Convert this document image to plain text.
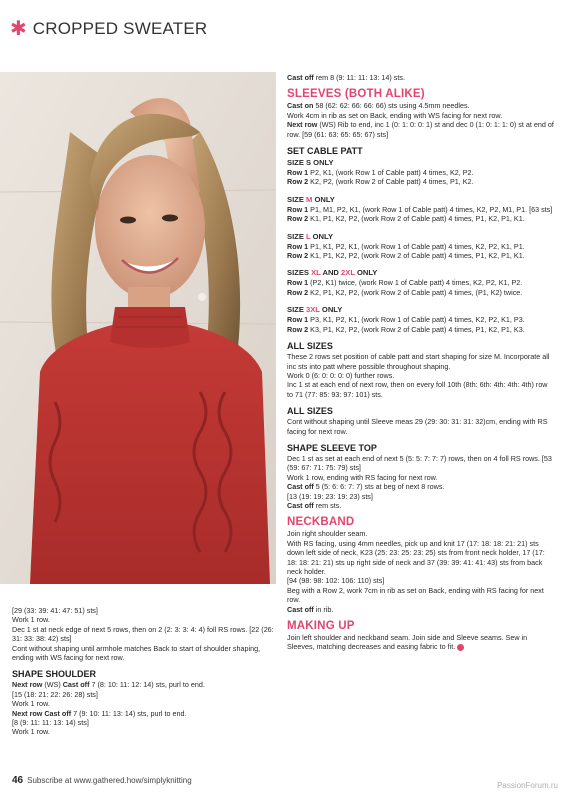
✱ CROPPED SWEATER

[29 (33: 39: 41: 47: 51) sts]

Work 1 row.

Dec 1 st at neck edge of next 5 rows, then on 2 (2: 3: 3: 4: 4) foll RS rows. [22 (26: 31: 33: 38: 42) sts]

Cont without shaping until armhole matches Back to start of shoulder shaping, ending with WS facing for next row.

SHAPE SHOULDER

Next row (WS) Cast off 7 (8: 10: 11: 12: 14) sts, purl to end.

[15 (18: 21: 22: 26: 28) sts]

Work 1 row.

Next row Cast off 7 (9: 10: 11: 13: 14) sts, purl to end.

[8 (9: 11: 11: 13: 14) sts]

Work 1 row.

Cast off rem 8 (9: 11: 11: 13: 14) sts.

SLEEVES (BOTH ALIKE)

Cast on 58 (62: 62: 66: 66: 66) sts using 4.5mm needles.

Work 4cm in rib as set on Back, ending with WS facing for next row.

Next row (WS) Rib to end, inc 1 (0: 1: 0: 0: 1) st and dec 0 (1: 0: 1: 1: 0) st at end of row. [59 (61: 63: 65: 65: 67) sts]

SET CABLE PATT

SIZE S ONLY

Row 1 P2, K1, (work Row 1 of Cable patt) 4 times, K2, P2.

Row 2 K2, P2, (work Row 2 of Cable patt) 4 times, P1, K2.

SIZE M ONLY

Row 1 P1, M1, P2, K1, (work Row 1 of Cable patt) 4 times, K2, P2, M1, P1. [63 sts]

Row 2 K1, P1, K2, P2, (work Row 2 of Cable patt) 4 times, P1, K2, P1, K1.

SIZE L ONLY

Row 1 P1, K1, P2, K1, (work Row 1 of Cable patt) 4 times, K2, P2, K1, P1.

Row 2 K1, P1, K2, P2, (work Row 2 of Cable patt) 4 times, P1, K2, P1, K1.

SIZES XL AND 2XL ONLY

Row 1 (P2, K1) twice, (work Row 1 of Cable patt) 4 times, K2, P2, K1, P2.

Row 2 K2, P1, K2, P2, (work Row 2 of Cable patt) 4 times, (P1, K2) twice.

SIZE 3XL ONLY

Row 1 P3, K1, P2, K1, (work Row 1 of Cable patt) 4 times, K2, P2, K1, P3.

Row 2 K3, P1, K2, P2, (work Row 2 of Cable patt) 4 times, P1, K2, P1, K3.

ALL SIZES

These 2 rows set position of cable patt and start shaping for size M. Incorporate all inc sts into patt where possible throughout shaping.

Work 0 (6: 0: 0: 0: 0) further rows.

Inc 1 st at each end of next row, then on every foll 10th (8th: 6th: 4th: 4th: 4th) row to 71 (77: 85: 93: 97: 101) sts.

ALL SIZES

Cont without shaping until Sleeve meas 29 (29: 30: 31: 31: 32)cm, ending with RS facing for next row.

SHAPE SLEEVE TOP

Dec 1 st as set at each end of next 5 (5: 5: 7: 7: 7) rows, then on 4 foll RS rows. [53 (59: 67: 71: 75: 79) sts]

Work 1 row, ending with RS facing for next row.

Cast off 5 (5: 6: 6: 7: 7) sts at beg of next 8 rows.

[13 (19: 19: 23: 19: 23) sts]

Cast off rem sts.

NECKBAND

Join right shoulder seam.

With RS facing, using 4mm needles, pick up and knit 17 (17: 18: 18: 21: 21) sts down left side of neck, K23 (25: 23: 25: 23: 25) sts from front neck holder, 17 (17: 18: 18: 21: 21) sts up right side of neck and 37 (39: 39: 41: 41: 43) sts from back neck holder.

[94 (98: 98: 102: 106: 110) sts]

Beg with a Row 2, work 7cm in rib as set on Back, ending with RS facing for next row.

Cast off in rib.

MAKING UP

Join left shoulder and neckband seam. Join side and Sleeve seams. Sew in Sleeves, matching decreases and easing fabric to fit.

46 Subscribe at www.gathered.how/simplyknitting
PassionForum.ru
